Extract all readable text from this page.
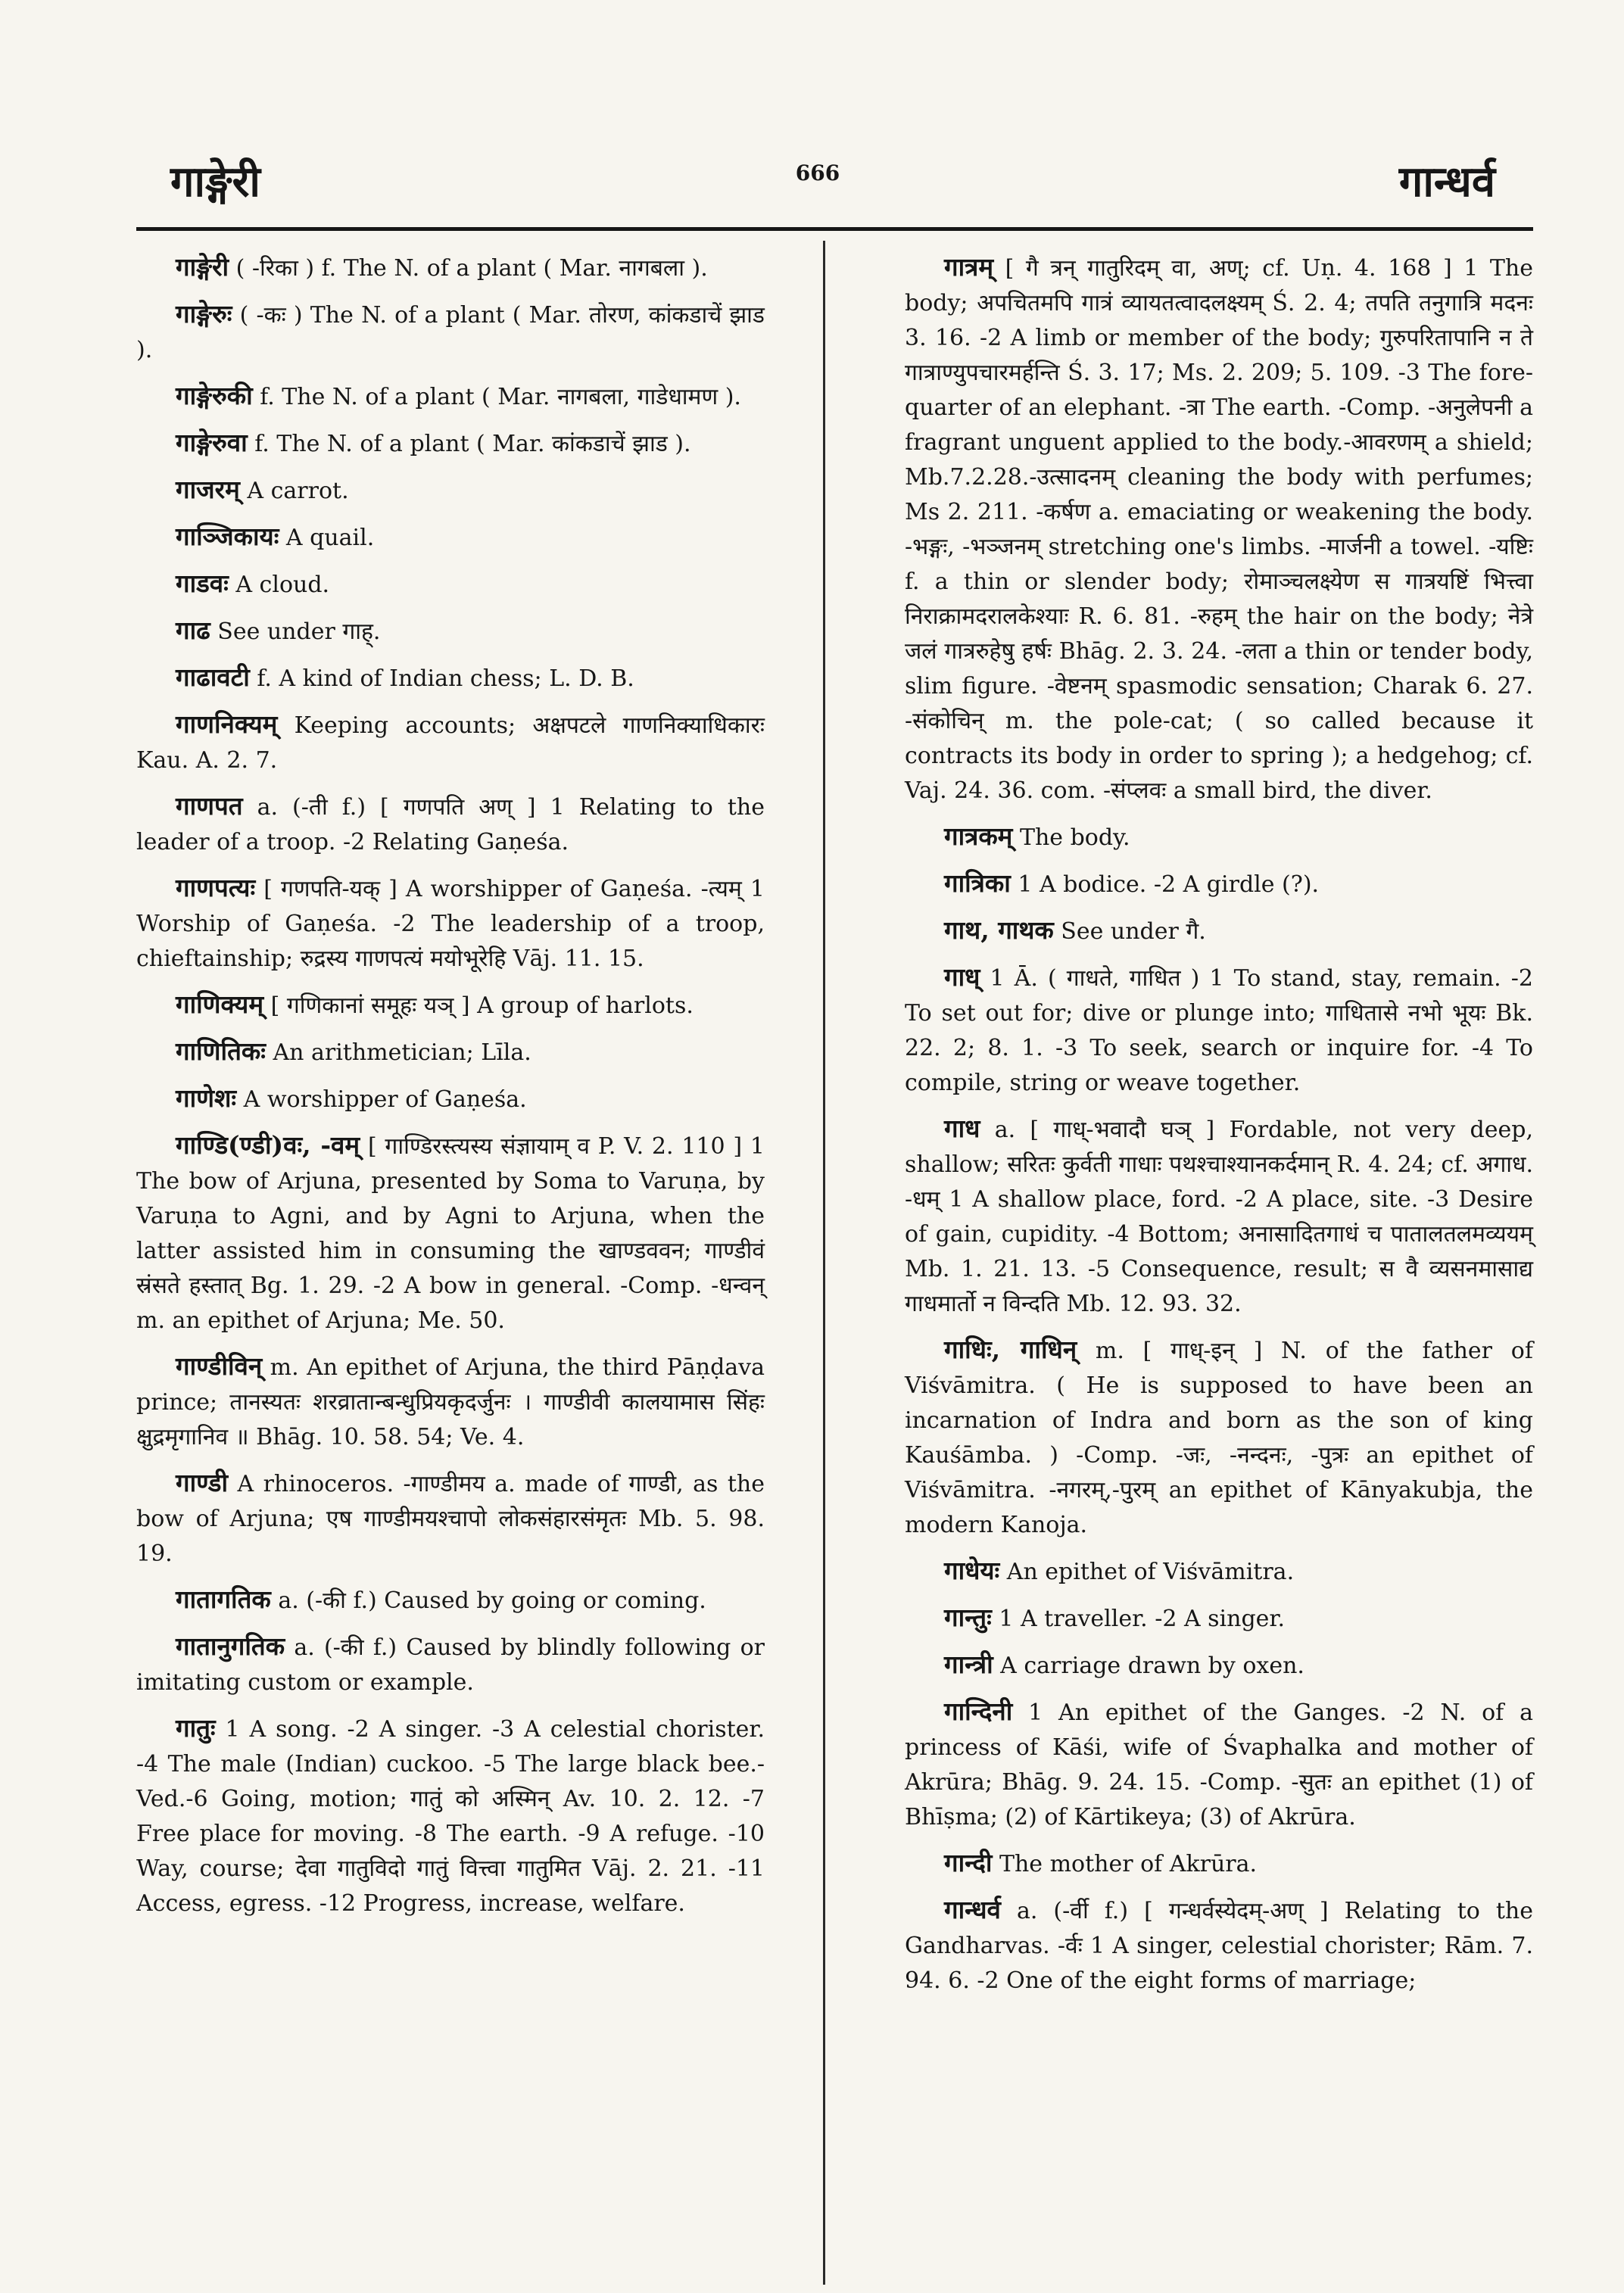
गाङ्गेरी	666	गान्धर्व

गाङ्गेरी ( -रिका ) f. The N. of a plant ( Mar. नागबला ).

गाङ्गेरुः ( -कः ) The N. of a plant ( Mar. तोरण, कांकडाचें झाड ).

गाङ्गेरुकी f. The N. of a plant ( Mar. नागबला, गाडेधामण ).

गाङ्गेरुवा f. The N. of a plant ( Mar. कांकडाचें झाड ).

गाजरम् A carrot.

गाञ्जिकायः A quail.

गाडवः A cloud.

गाढ See under गाह्.

गाढावटी f. A kind of Indian chess; L. D. B.

गाणनिक्यम् Keeping accounts; अक्षपटले गाणनिक्याधिकारः Kau. A. 2. 7.

गाणपत a. (-ती f.) [ गणपति अण् ] 1 Relating to the leader of a troop. -2 Relating Gaṇeśa.

गाणपत्यः [ गणपति-यक् ] A worshipper of Gaṇeśa. -त्यम् 1 Worship of Gaṇeśa. -2 The leadership of a troop, chieftainship; रुद्रस्य गाणपत्यं मयोभूरेहि Vāj. 11. 15.

गाणिक्यम् [ गणिकानां समूहः यञ् ] A group of harlots.

गाणितिकः An arithmetician; Līla.

गाणेशः A worshipper of Gaṇeśa.

गाण्डि(ण्डी)वः, -वम् [ गाण्डिरस्त्यस्य संज्ञायाम् व P. V. 2. 110 ] 1 The bow of Arjuna, presented by Soma to Varuṇa, by Varuṇa to Agni, and by Agni to Arjuna, when the latter assisted him in consuming the खाण्डववन; गाण्डीवं स्रंसते हस्तात् Bg. 1. 29. -2 A bow in general. -Comp. -धन्वन् m. an epithet of Arjuna; Me. 50.

गाण्डीविन् m. An epithet of Arjuna, the third Pāṇḍava prince; तानस्यतः शरव्रातान्बन्धुप्रियकृदर्जुनः । गाण्डीवी कालयामास सिंहः क्षुद्रमृगानिव ॥ Bhāg. 10. 58. 54; Ve. 4.

गाण्डी A rhinoceros. -गाण्डीमय a. made of गाण्डी, as the bow of Arjuna; एष गाण्डीमयश्चापो लोकसंहारसंमृतः Mb. 5. 98. 19.

गातागतिक a. (-की f.) Caused by going or coming.

गातानुगतिक a. (-की f.) Caused by blindly following or imitating custom or example.

गातुः 1 A song. -2 A singer. -3 A celestial chorister. -4 The male (Indian) cuckoo. -5 The large black bee.-Ved.-6 Going, motion; गातुं को अस्मिन् Av. 10. 2. 12. -7 Free place for moving. -8 The earth. -9 A refuge. -10 Way, course; देवा गातुविदो गातुं वित्त्वा गातुमित Vāj. 2. 21. -11 Access, egress. -12 Progress, increase, welfare.

गात्रम् [ गै त्रन् गातुरिदम् वा, अण्; cf. Uṇ. 4. 168 ] 1 The body; अपचितमपि गात्रं व्यायतत्वादलक्ष्यम् Ś. 2. 4; तपति तनुगात्रि मदनः 3. 16. -2 A limb or member of the body; गुरुपरितापानि न ते गात्राण्युपचारमर्हन्ति Ś. 3. 17; Ms. 2. 209; 5. 109. -3 The fore-quarter of an elephant. -त्रा The earth. -Comp. -अनुलेपनी a fragrant unguent applied to the body.-आवरणम् a shield; Mb.7.2.28.-उत्सादनम् cleaning the body with perfumes; Ms 2. 211. -कर्षण a. emaciating or weakening the body. -भङ्गः, -भञ्जनम् stretching one's limbs. -मार्जनी a towel. -यष्टिः f. a thin or slender body; रोमाञ्चलक्ष्येण स गात्रयष्टिं भित्त्वा निराक्रामदरालकेश्याः R. 6. 81. -रुहम् the hair on the body; नेत्रे जलं गात्ररुहेषु हर्षः Bhāg. 2. 3. 24. -लता a thin or tender body, slim figure. -वेष्टनम् spasmodic sensation; Charak 6. 27. -संकोचिन् m. the pole-cat; ( so called because it contracts its body in order to spring ); a hedgehog; cf. Vaj. 24. 36. com. -संप्लवः a small bird, the diver.

गात्रकम् The body.

गात्रिका 1 A bodice. -2 A girdle (?).

गाथ, गाथक See under गै.

गाध् 1 Ā. ( गाधते, गाधित ) 1 To stand, stay, remain. -2 To set out for; dive or plunge into; गाधितासे नभो भूयः Bk. 22. 2; 8. 1. -3 To seek, search or inquire for. -4 To compile, string or weave together.

गाध a. [ गाध्-भवादौ घञ् ] Fordable, not very deep, shallow; सरितः कुर्वती गाधाः पथश्चाश्यानकर्दमान् R. 4. 24; cf. अगाध. -धम् 1 A shallow place, ford. -2 A place, site. -3 Desire of gain, cupidity. -4 Bottom; अनासादितगाधं च पातालतलमव्ययम् Mb. 1. 21. 13. -5 Consequence, result; स वै व्यसनमासाद्य गाधमार्तो न विन्दति Mb. 12. 93. 32.

गाधिः, गाधिन् m. [ गाध्-इन् ] N. of the father of Viśvāmitra. ( He is supposed to have been an incarnation of Indra and born as the son of king Kauśāmba. ) -Comp. -जः, -नन्दनः, -पुत्रः an epithet of Viśvāmitra. -नगरम्,-पुरम् an epithet of Kānyakubja, the modern Kanoja.

गाधेयः An epithet of Viśvāmitra.

गान्तुः 1 A traveller. -2 A singer.

गान्त्री A carriage drawn by oxen.

गान्दिनी 1 An epithet of the Ganges. -2 N. of a princess of Kāśi, wife of Śvaphalka and mother of Akrūra; Bhāg. 9. 24. 15. -Comp. -सुतः an epithet (1) of Bhīṣma; (2) of Kārtikeya; (3) of Akrūra.

गान्दी The mother of Akrūra.

गान्धर्व a. (-र्वी f.) [ गन्धर्वस्येदम्-अण् ] Relating to the Gandharvas. -र्वः 1 A singer, celestial chorister; Rām. 7. 94. 6. -2 One of the eight forms of marriage;
